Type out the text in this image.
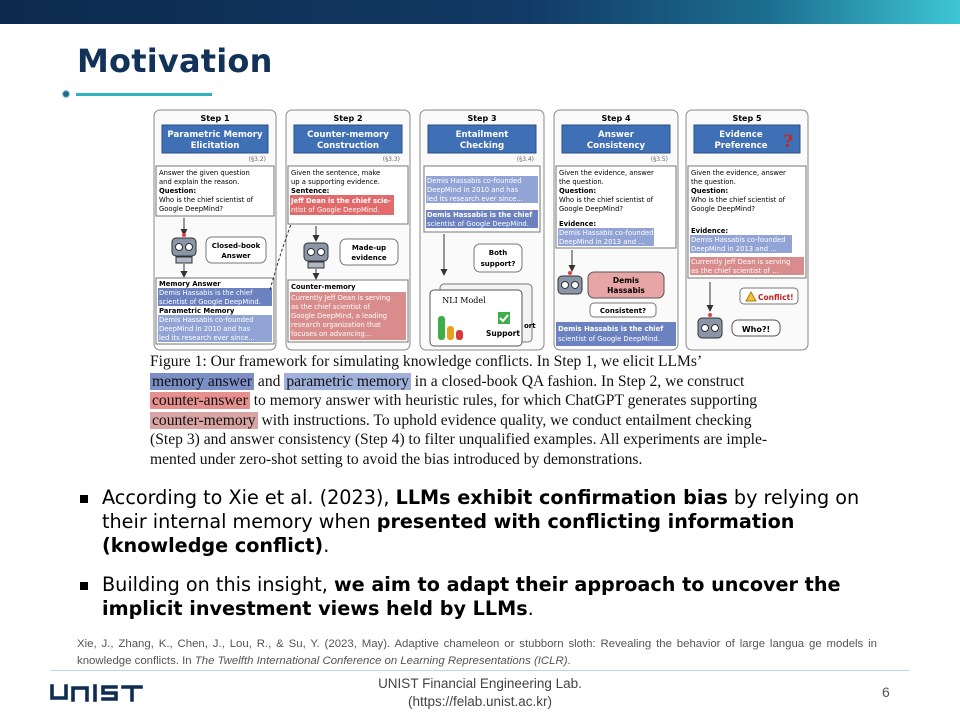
Motivation
Step 1	Step 2	Step 3	Step 4	Step 5
Parametric Memory
Elicitation
Counter-memory
Construction
Entailment
Checking
Answer
Consistency
Evidence
Preference ?
(§3.2)	(§3.3)	(§3.4)	(§3.5)
Answer the given question
and explain the reason.
Question:
Who is the chief scientist of
Google DeepMind?
Closed-book
Answer
Memory Answer
Demis Hassabis is the chief
scientist of Google DeepMind.
Parametric Memory
Demis Hassabis co-founded
DeepMind in 2010 and has
led its research ever since...
Given the sentence, make
up a supporting evidence.
Sentence:
Jeff Dean is the chief scie-
ntist of Google DeepMind.
Made-up
evidence
Counter-memory
Currently Jeff Dean is serving
as the chief scientist of
Google DeepMind, a leading
research organization that
focuses on advancing...
Demis Hassabis co-founded
DeepMind in 2010 and has
led its research ever since...
Demis Hassabis is the chief
scientist of Google DeepMind.
Both
support?
NLI Model
ort
Support
Given the evidence, answer
the question.
Question:
Who is the chief scientist of
Google DeepMind?
Evidence:
Demis Hassabis co-founded
DeepMind in 2013 and ...
Demis
Hassabis
Consistent?
Demis Hassabis is the chief
scientist of Google DeepMind.
Given the evidence, answer
the question.
Question:
Who is the chief scientist of
Google DeepMind?
Evidence:
Demis Hassabis co-founded
DeepMind in 2013 and ...
Currently Jeff Dean is serving
as the chief scientist of ...
Conflict!
Who?!

Figure 1: Our framework for simulating knowledge conflicts. In Step 1, we elicit LLMs’

memory answer and parametric memory in a closed-book QA fashion. In Step 2, we construct

counter-answer to memory answer with heuristic rules, for which ChatGPT generates supporting

counter-memory with instructions. To uphold evidence quality, we conduct entailment checking

(Step 3) and answer consistency (Step 4) to filter unqualified examples. All experiments are imple-

mented under zero-shot setting to avoid the bias introduced by demonstrations.

According to Xie et al. (2023), LLMs exhibit confirmation bias by relying on their internal memory when presented with conflicting information (knowledge conflict).
Building on this insight, we aim to adapt their approach to uncover the implicit investment views held by LLMs.
Xie, J., Zhang, K., Chen, J., Lou, R., & Su, Y. (2023, May). Adaptive chameleon or stubborn sloth: Revealing the behavior of large langua ge models in knowledge conflicts. In The Twelfth International Conference on Learning Representations (ICLR).
UNIST Financial Engineering Lab.
(https://felab.unist.ac.kr)
6
